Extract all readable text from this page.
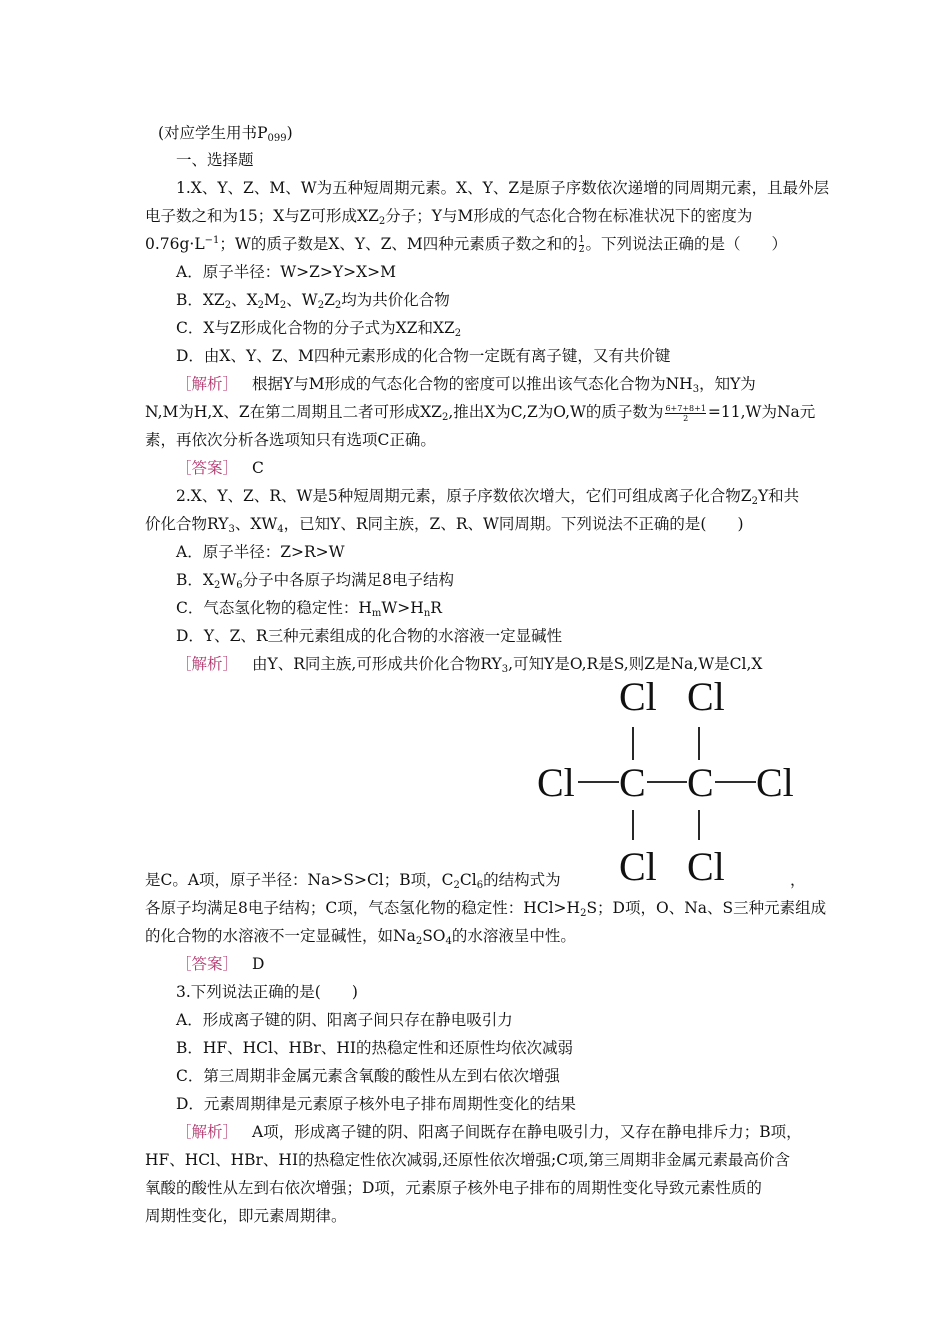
(对应学生用书$P_{099}$)
一、选择题
1.X、Y、Z、M、W为五种短周期元素。X、Y、Z是原子序数依次递增的同周期元素，且最外层
电子数之和为15；X与Z可形成$XZ_2$分子；Y与M形成的气态化合物在标准状况下的密度为
$0.76g\cdot L^{-1}$；W的质子数是X、Y、Z、M四种元素质子数之和的 $\frac{1}{2}$ 。下列说法正确的是（　　）
A．原子半径：W>Z>Y>X>M
B．$XZ_2$、$X_2M_2$、$W_2Z_2$均为共价化合物
C．X与Z形成化合物的分子式为XZ和$XZ_2$
D．由X、Y、Z、M四种元素形成的化合物一定既有离子键，又有共价键
［解析］ 根据Y与M形成的气态化合物的密度可以推出该气态化合物为$NH_3$，知Y为
N,M为H,X、Z在第二周期且二者可形成$XZ_2$,推出X为C,Z为O,W的质子数为 $\frac{6+7+8+1}{2} =11,W$为Na元
素，再依次分析各选项知只有选项C正确。
［答案］ C
2.X、Y、Z、R、W是5种短周期元素，原子序数依次增大，它们可组成离子化合物$Z_2Y$和共
价化合物$RY_3$、$XW_4$，已知Y、R同主族，Z、R、W同周期。下列说法不正确的是(　　)
A．原子半径：Z>R>W
B．$X_2W_6$分子中各原子均满足8电子结构
C．气态氢化物的稳定性：$H_mW>H_nR$
D．Y、Z、R三种元素组成的化合物的水溶液一定显碱性
［解析］ 由Y、R同主族,可形成共价化合物$RY_3$,可知Y是O,R是S,则Z是Na,W是Cl,X
Cl Cl
Cl C C Cl
Cl Cl
是C。A项，原子半径：Na>S>Cl；B项，$C_2Cl_6$的结构式为	，
各原子均满足8电子结构；C项，气态氢化物的稳定性：$HCl>H_2S$；D项，O、Na、S三种元素组成
的化合物的水溶液不一定显碱性，如$Na_2SO_4$的水溶液呈中性。
［答案］ D
3.下列说法正确的是(　　)
A．形成离子键的阴、阳离子间只存在静电吸引力
B．HF、HCl、HBr、HI的热稳定性和还原性均依次减弱
C．第三周期非金属元素含氧酸的酸性从左到右依次增强
D．元素周期律是元素原子核外电子排布周期性变化的结果
［解析］ A项，形成离子键的阴、阳离子间既存在静电吸引力，又存在静电排斥力；B项，
HF、HCl、HBr、HI的热稳定性依次减弱,还原性依次增强;C项,第三周期非金属元素最高价含
氧酸的酸性从左到右依次增强；D项，元素原子核外电子排布的周期性变化导致元素性质的
周期性变化，即元素周期律。
